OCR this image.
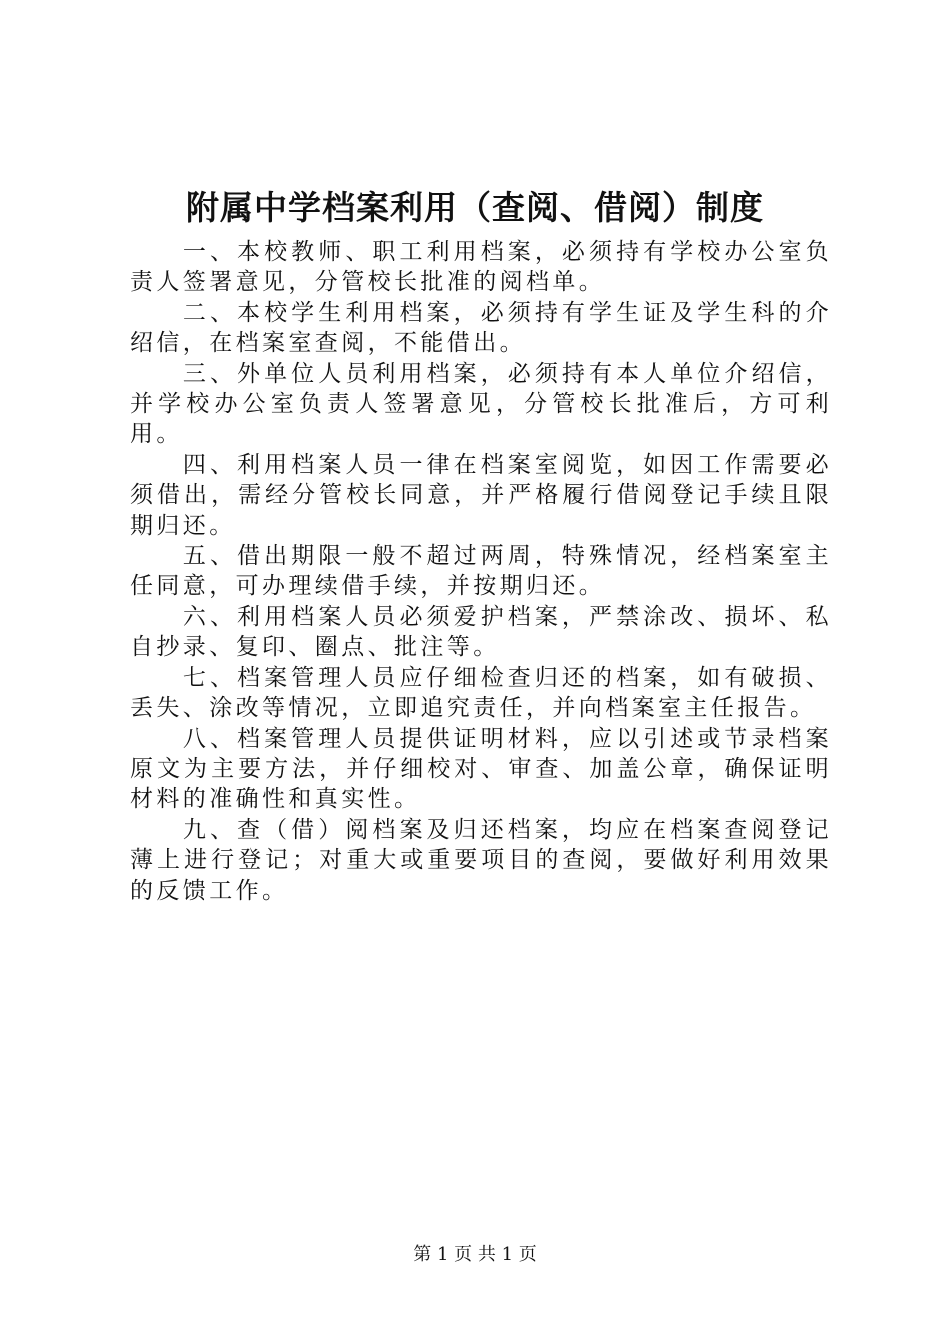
附属中学档案利用（查阅、借阅）制度

一、本校教师、职工利用档案，必须持有学校办公室负责人签署意见，分管校长批准的阅档单。

二、本校学生利用档案，必须持有学生证及学生科的介绍信，在档案室查阅，不能借出。

三、外单位人员利用档案，必须持有本人单位介绍信，并学校办公室负责人签署意见，分管校长批准后，方可利用。

四、利用档案人员一律在档案室阅览，如因工作需要必须借出，需经分管校长同意，并严格履行借阅登记手续且限期归还。

五、借出期限一般不超过两周，特殊情况，经档案室主任同意，可办理续借手续，并按期归还。

六、利用档案人员必须爱护档案，严禁涂改、损坏、私自抄录、复印、圈点、批注等。

七、档案管理人员应仔细检查归还的档案，如有破损、丢失、涂改等情况，立即追究责任，并向档案室主任报告。

八、档案管理人员提供证明材料，应以引述或节录档案原文为主要方法，并仔细校对、审查、加盖公章，确保证明材料的准确性和真实性。

九、查（借）阅档案及归还档案，均应在档案查阅登记薄上进行登记；对重大或重要项目的查阅，要做好利用效果的反馈工作。

第 1 页 共 1 页
